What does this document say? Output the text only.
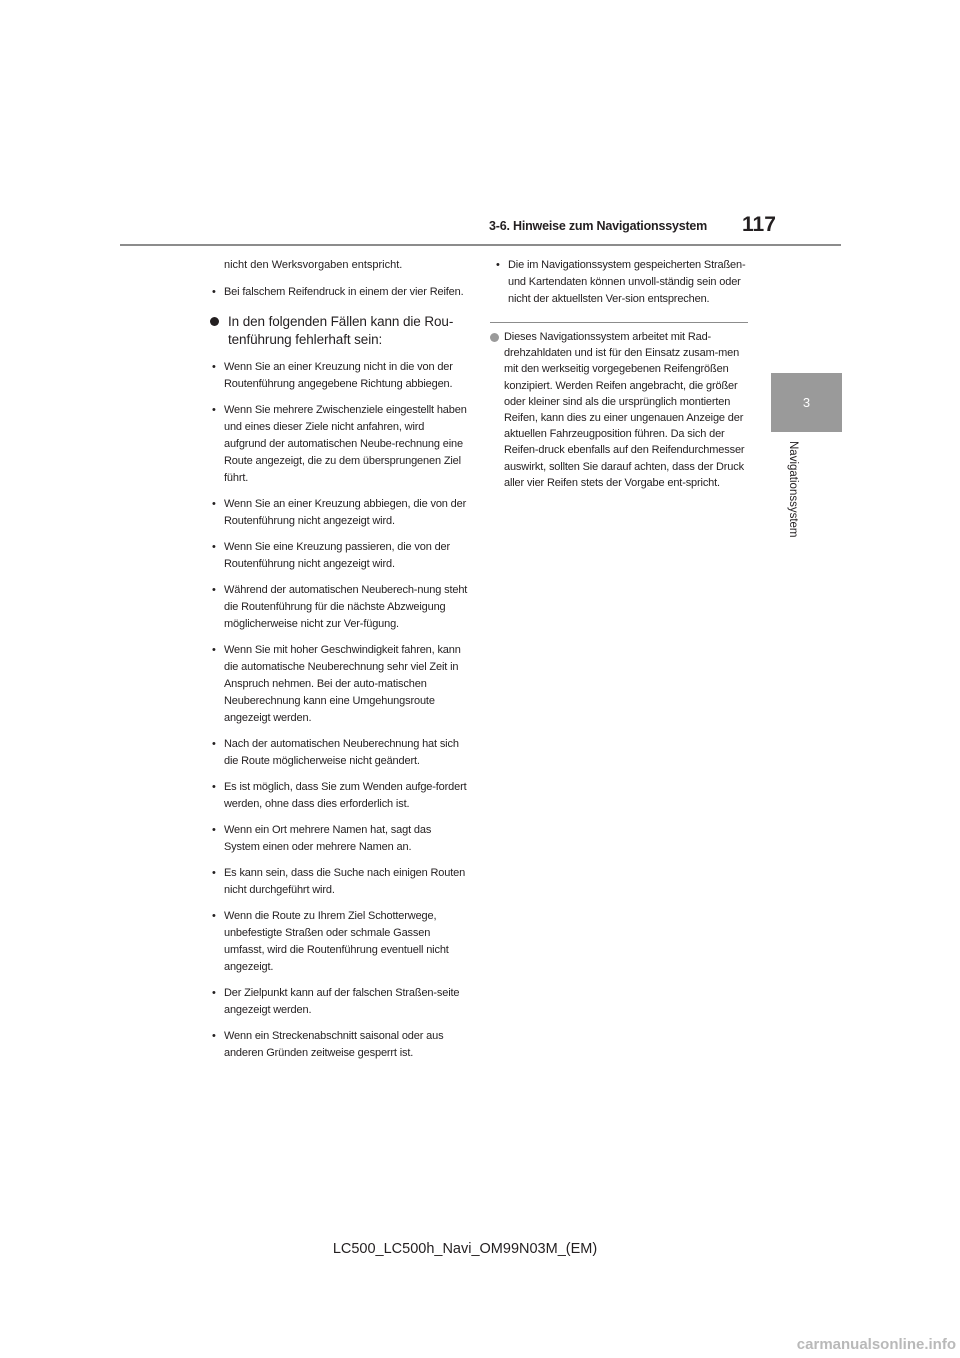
3-6. Hinweise zum Navigationssystem 117
3
Navigationssystem
nicht den Werksvorgaben entspricht.
• Bei falschem Reifendruck in einem der vier Reifen.
In den folgenden Fällen kann die Rou-tenführung fehlerhaft sein:
• Wenn Sie an einer Kreuzung nicht in die von der Routenführung angegebene Richtung abbiegen.
• Wenn Sie mehrere Zwischenziele eingestellt haben und eines dieser Ziele nicht anfahren, wird aufgrund der automatischen Neube-rechnung eine Route angezeigt, die zu dem übersprungenen Ziel führt.
• Wenn Sie an einer Kreuzung abbiegen, die von der Routenführung nicht angezeigt wird.
• Wenn Sie eine Kreuzung passieren, die von der Routenführung nicht angezeigt wird.
• Während der automatischen Neuberech-nung steht die Routenführung für die nächste Abzweigung möglicherweise nicht zur Ver-fügung.
• Wenn Sie mit hoher Geschwindigkeit fahren, kann die automatische Neuberechnung sehr viel Zeit in Anspruch nehmen. Bei der auto-matischen Neuberechnung kann eine Umgehungsroute angezeigt werden.
• Nach der automatischen Neuberechnung hat sich die Route möglicherweise nicht geändert.
• Es ist möglich, dass Sie zum Wenden aufge-fordert werden, ohne dass dies erforderlich ist.
• Wenn ein Ort mehrere Namen hat, sagt das System einen oder mehrere Namen an.
• Es kann sein, dass die Suche nach einigen Routen nicht durchgeführt wird.
• Wenn die Route zu Ihrem Ziel Schotterwege, unbefestigte Straßen oder schmale Gassen umfasst, wird die Routenführung eventuell nicht angezeigt.
• Der Zielpunkt kann auf der falschen Straßen-seite angezeigt werden.
• Wenn ein Streckenabschnitt saisonal oder aus anderen Gründen zeitweise gesperrt ist.
• Die im Navigationssystem gespeicherten Straßen- und Kartendaten können unvoll-ständig sein oder nicht der aktuellsten Ver-sion entsprechen.
Dieses Navigationssystem arbeitet mit Rad-drehzahldaten und ist für den Einsatz zusam-men mit den werkseitig vorgegebenen Reifengrößen konzipiert. Werden Reifen angebracht, die größer oder kleiner sind als die ursprünglich montierten Reifen, kann dies zu einer ungenauen Anzeige der aktuellen Fahrzeugposition führen. Da sich der Reifen-druck ebenfalls auf den Reifendurchmesser auswirkt, sollten Sie darauf achten, dass der Druck aller vier Reifen stets der Vorgabe ent-spricht.
LC500_LC500h_Navi_OM99N03M_(EM)
carmanualsonline.info
